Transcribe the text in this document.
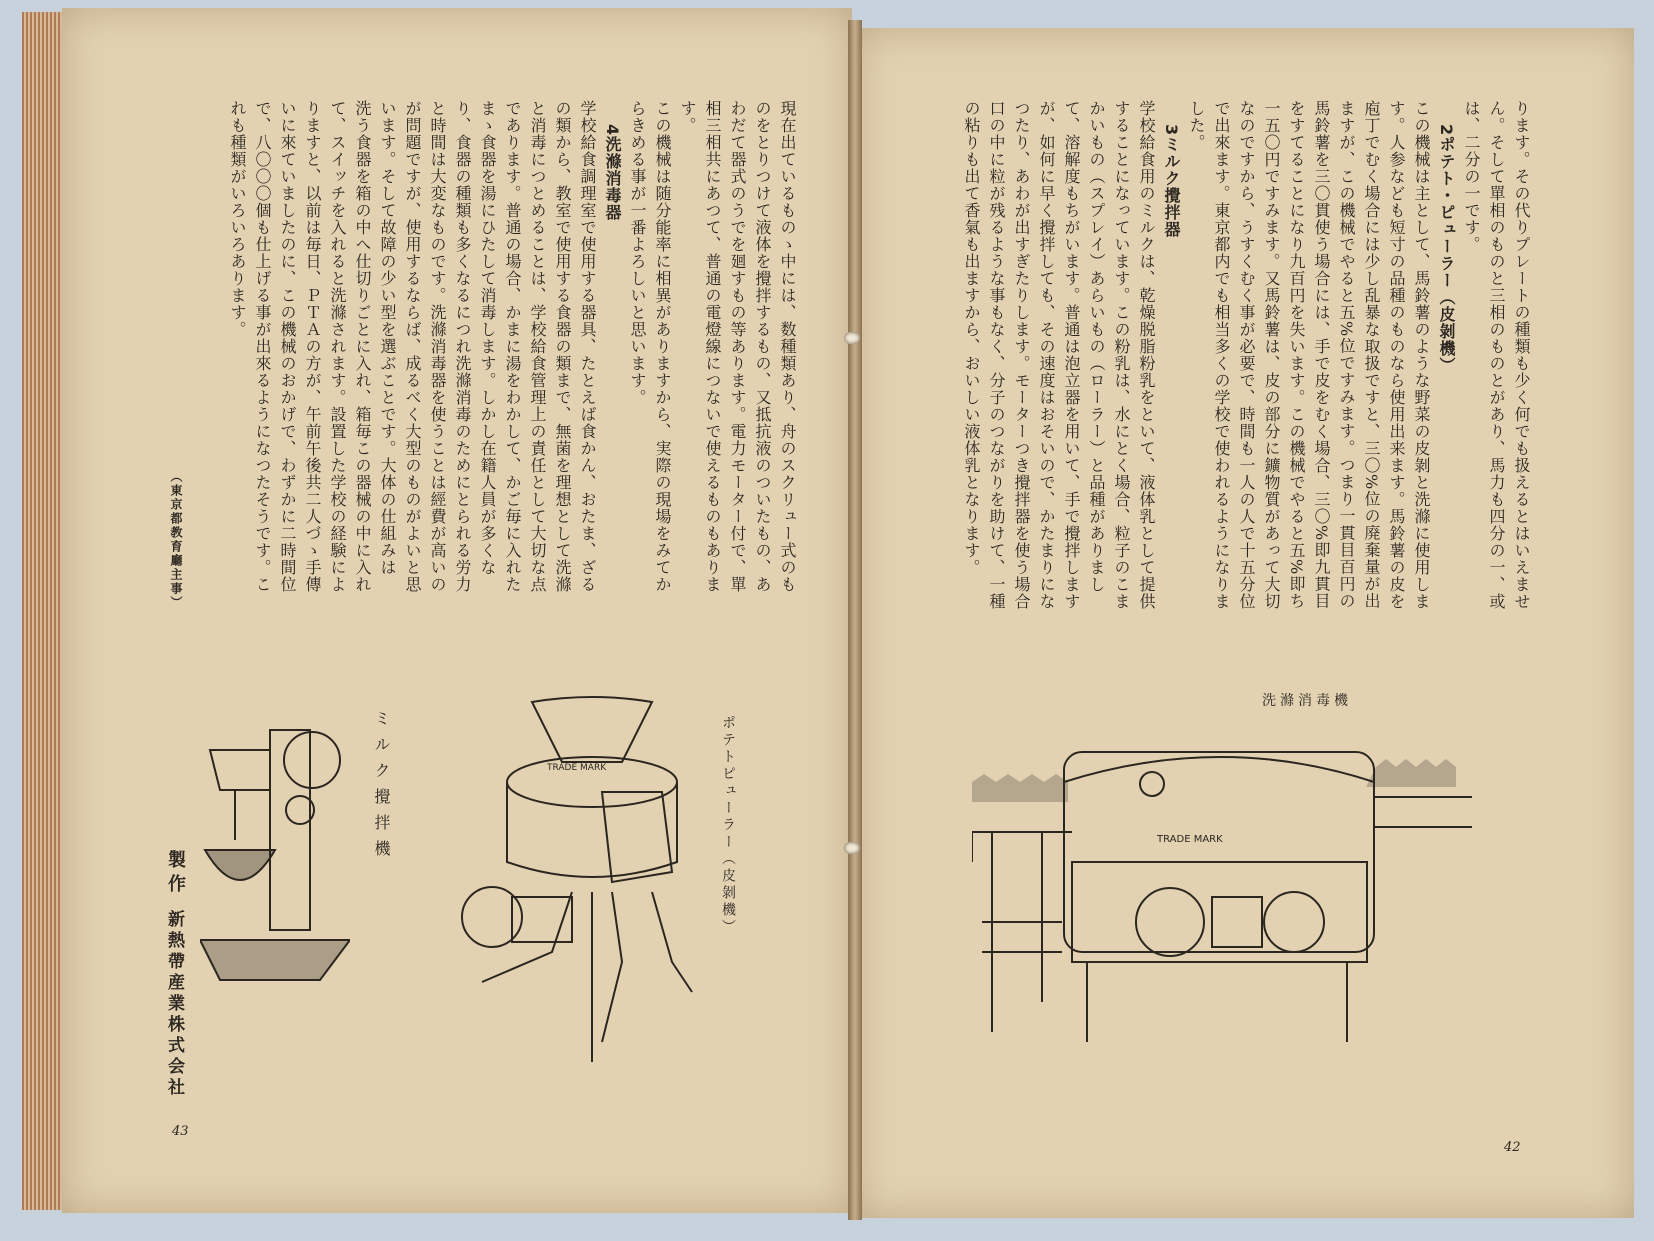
ります。その代りプレートの種類も少く何でも扱えるとはいえません。そして單相のものと三相のものとがあり、馬力も四分の一、或は、二分の一です。

2ポテト・ピューラー（皮剝機）

この機械は主として、馬鈴薯のような野菜の皮剝と洗滌に使用します。人参なども短寸の品種のものなら使用出来ます。馬鈴薯の皮を庖丁でむく場合には少し乱暴な取扱ですと、三〇%位の廃棄量が出ますが、この機械でやると五%位ですみます。つまり一貫目百円の馬鈴薯を三〇貫使う場合には、手で皮をむく場合、三〇%即九貫目をすてることになり九百円を失います。この機械でやると五%即ち一五〇円ですみます。又馬鈴薯は、皮の部分に鑛物質があって大切なのですから、うすくむく事が必要で、時間も一人の人で十五分位で出來ます。東京都内でも相当多くの学校で使われるようになりました。

3ミルク攪拌器

学校給食用のミルクは、乾燥脱脂粉乳をといて、液体乳として提供することになっています。この粉乳は、水にとく場合、粒子のこまかいもの（スプレイ）あらいもの（ローラー）と品種がありまして、溶解度もちがいます。普通は泡立器を用いて、手で攪拌しますが、如何に早く攪拌しても、その速度はおそいので、かたまりになつたり、あわが出すぎたりします。モーターつき攪拌器を使う場合口の中に粒が残るような事もなく、分子のつながりを助けて、一種の粘りも出て香氣も出ますから、おいしい液体乳となります。

洗滌消毒機
42
TRADE MARK

現在出ているものゝ中には、数種類あり、舟のスクリュー式のものをとりつけて液体を攪拌するもの、又抵抗液のついたもの、あわだて器式のうでを廻すもの等あります。電力モーター付で、單相三相共にあつて、普通の電燈線につないで使えるものもあります。

この機械は随分能率に相異がありますから、実際の現場をみてからきめる事が一番よろしいと思います。

4洗滌消毒器

学校給食調理室で使用する器具、たとえば食かん、おたま、ざるの類から、教室で使用する食器の類まで、無菌を理想として洗滌と消毒につとめることは、学校給食管理上の責任として大切な点であります。普通の場合、かまに湯をわかして、かご毎に入れたまゝ食器を湯にひたして消毒します。しかし在籍人員が多くなり、食器の種類も多くなるにつれ洗滌消毒のためにとられる労力と時間は大変なものです。洗滌消毒器を使うことは經費が高いのが問題ですが、使用するならば、成るべく大型のものがよいと思います。そして故障の少い型を選ぶことです。大体の仕組みは

洗う食器を箱の中へ仕切りごとに入れ、箱毎この器械の中に入れて、スイッチを入れると洗滌されます。設置した学校の経験によりますと、以前は毎日、ＰＴＡの方が、午前午後共二人づゝ手傳いに來ていましたのに、この機械のおかげで、わずかに二時間位で、八〇〇〇個も仕上げる事が出來るようになつたそうです。これも種類がいろいろあります。

（東京都教育廳主事）
ミルク攪拌機	ポテトピューラー（皮剝機）
製作
新熱帶産業株式会社
43
TRADE MARK
